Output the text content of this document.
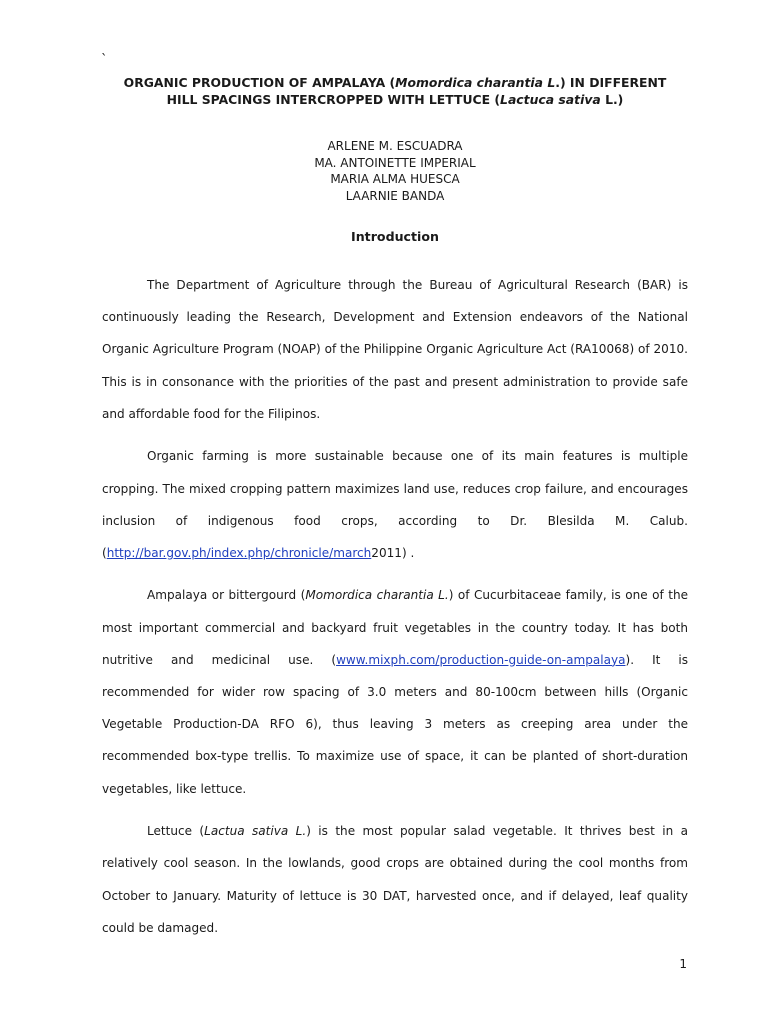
`
ORGANIC PRODUCTION OF AMPALAYA (Momordica charantia L.) IN DIFFERENT
HILL SPACINGS INTERCROPPED WITH LETTUCE (Lactuca sativa L.)
ARLENE M. ESCUADRA
MA. ANTOINETTE IMPERIAL
MARIA ALMA HUESCA
LAARNIE BANDA
Introduction

The Department of Agriculture through the Bureau of Agricultural Research (BAR) is continuously leading the Research, Development and Extension endeavors of the National Organic Agriculture Program (NOAP) of the Philippine Organic Agriculture Act (RA10068) of 2010. This is in consonance with the priorities of the past and present administration to provide safe and affordable food for the Filipinos.

Organic farming is more sustainable because one of its main features is multiple cropping. The mixed cropping pattern maximizes land use, reduces crop failure, and encourages inclusion of indigenous food crops, according to Dr. Blesilda M. Calub. (http://bar.gov.ph/index.php/chronicle/march2011) .

Ampalaya or bittergourd (Momordica charantia L.) of Cucurbitaceae family, is one of the most important commercial and backyard fruit vegetables in the country today. It has both nutritive and medicinal use. (www.mixph.com/production-guide-on-ampalaya). It is recommended for wider row spacing of 3.0 meters and 80-100cm between hills (Organic Vegetable Production-DA RFO 6), thus leaving 3 meters as creeping area under the recommended box-type trellis. To maximize use of space, it can be planted of short-duration vegetables, like lettuce.

Lettuce (Lactua sativa L.) is the most popular salad vegetable. It thrives best in a relatively cool season. In the lowlands, good crops are obtained during the cool months from October to January. Maturity of lettuce is 30 DAT, harvested once, and if delayed, leaf quality could be damaged.

1
